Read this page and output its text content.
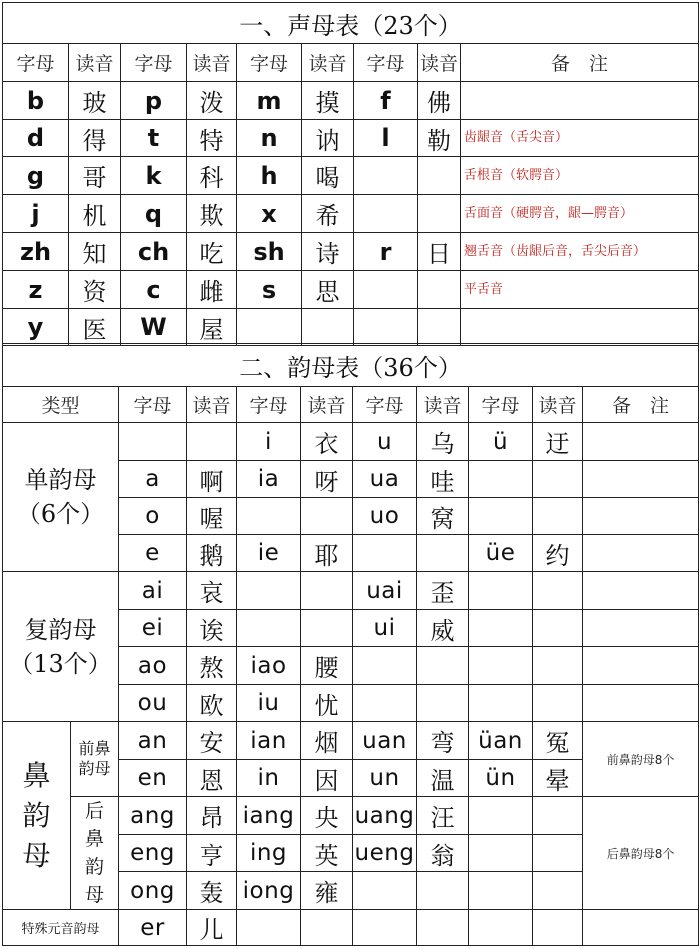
一、声母表（23个）								
字母	读音	字母	读音	字母	读音	字母	读音	备　注
b	玻	p	泼	m	摸	f	佛	
d	得	t	特	n	讷	l	勒	齿龈音（舌尖音）
g	哥	k	科	h	喝			舌根音（软腭音）
j	机	q	欺	x	希			舌面音（硬腭音，龈—腭音）
zh	知	ch	吃	sh	诗	r	日	翘舌音（齿龈后音，舌尖后音）
z	资	c	雌	s	思			平舌音
y	医	W	屋					
二、韵母表（36个）										
类型		字母	读音	字母	读音	字母	读音	字母	读音	备　注

单韵母
（6个）				i	衣	u	乌	ü	迂	
		a	啊	ia	呀	ua	哇			
		o	喔			uo	窝			
		e	鹅	ie	耶			üe	约	

复韵母
（13个）		ai	哀			uai	歪			
		ei	诶			ui	威			
		ao	熬	iao	腰					
		ou	欧	iu	忧					
鼻韵母	前鼻韵母	an	安	ian	烟	uan	弯	üan	冤	前鼻韵母8个
		en	恩	in	因	un	温	ün	晕	
	后鼻韵母	ang	昂	iang	央	uang	汪			后鼻韵母8个
		eng	亨	ing	英	ueng	翁			
		ong	轰	iong	雍					
特殊元音韵母		er	儿							
